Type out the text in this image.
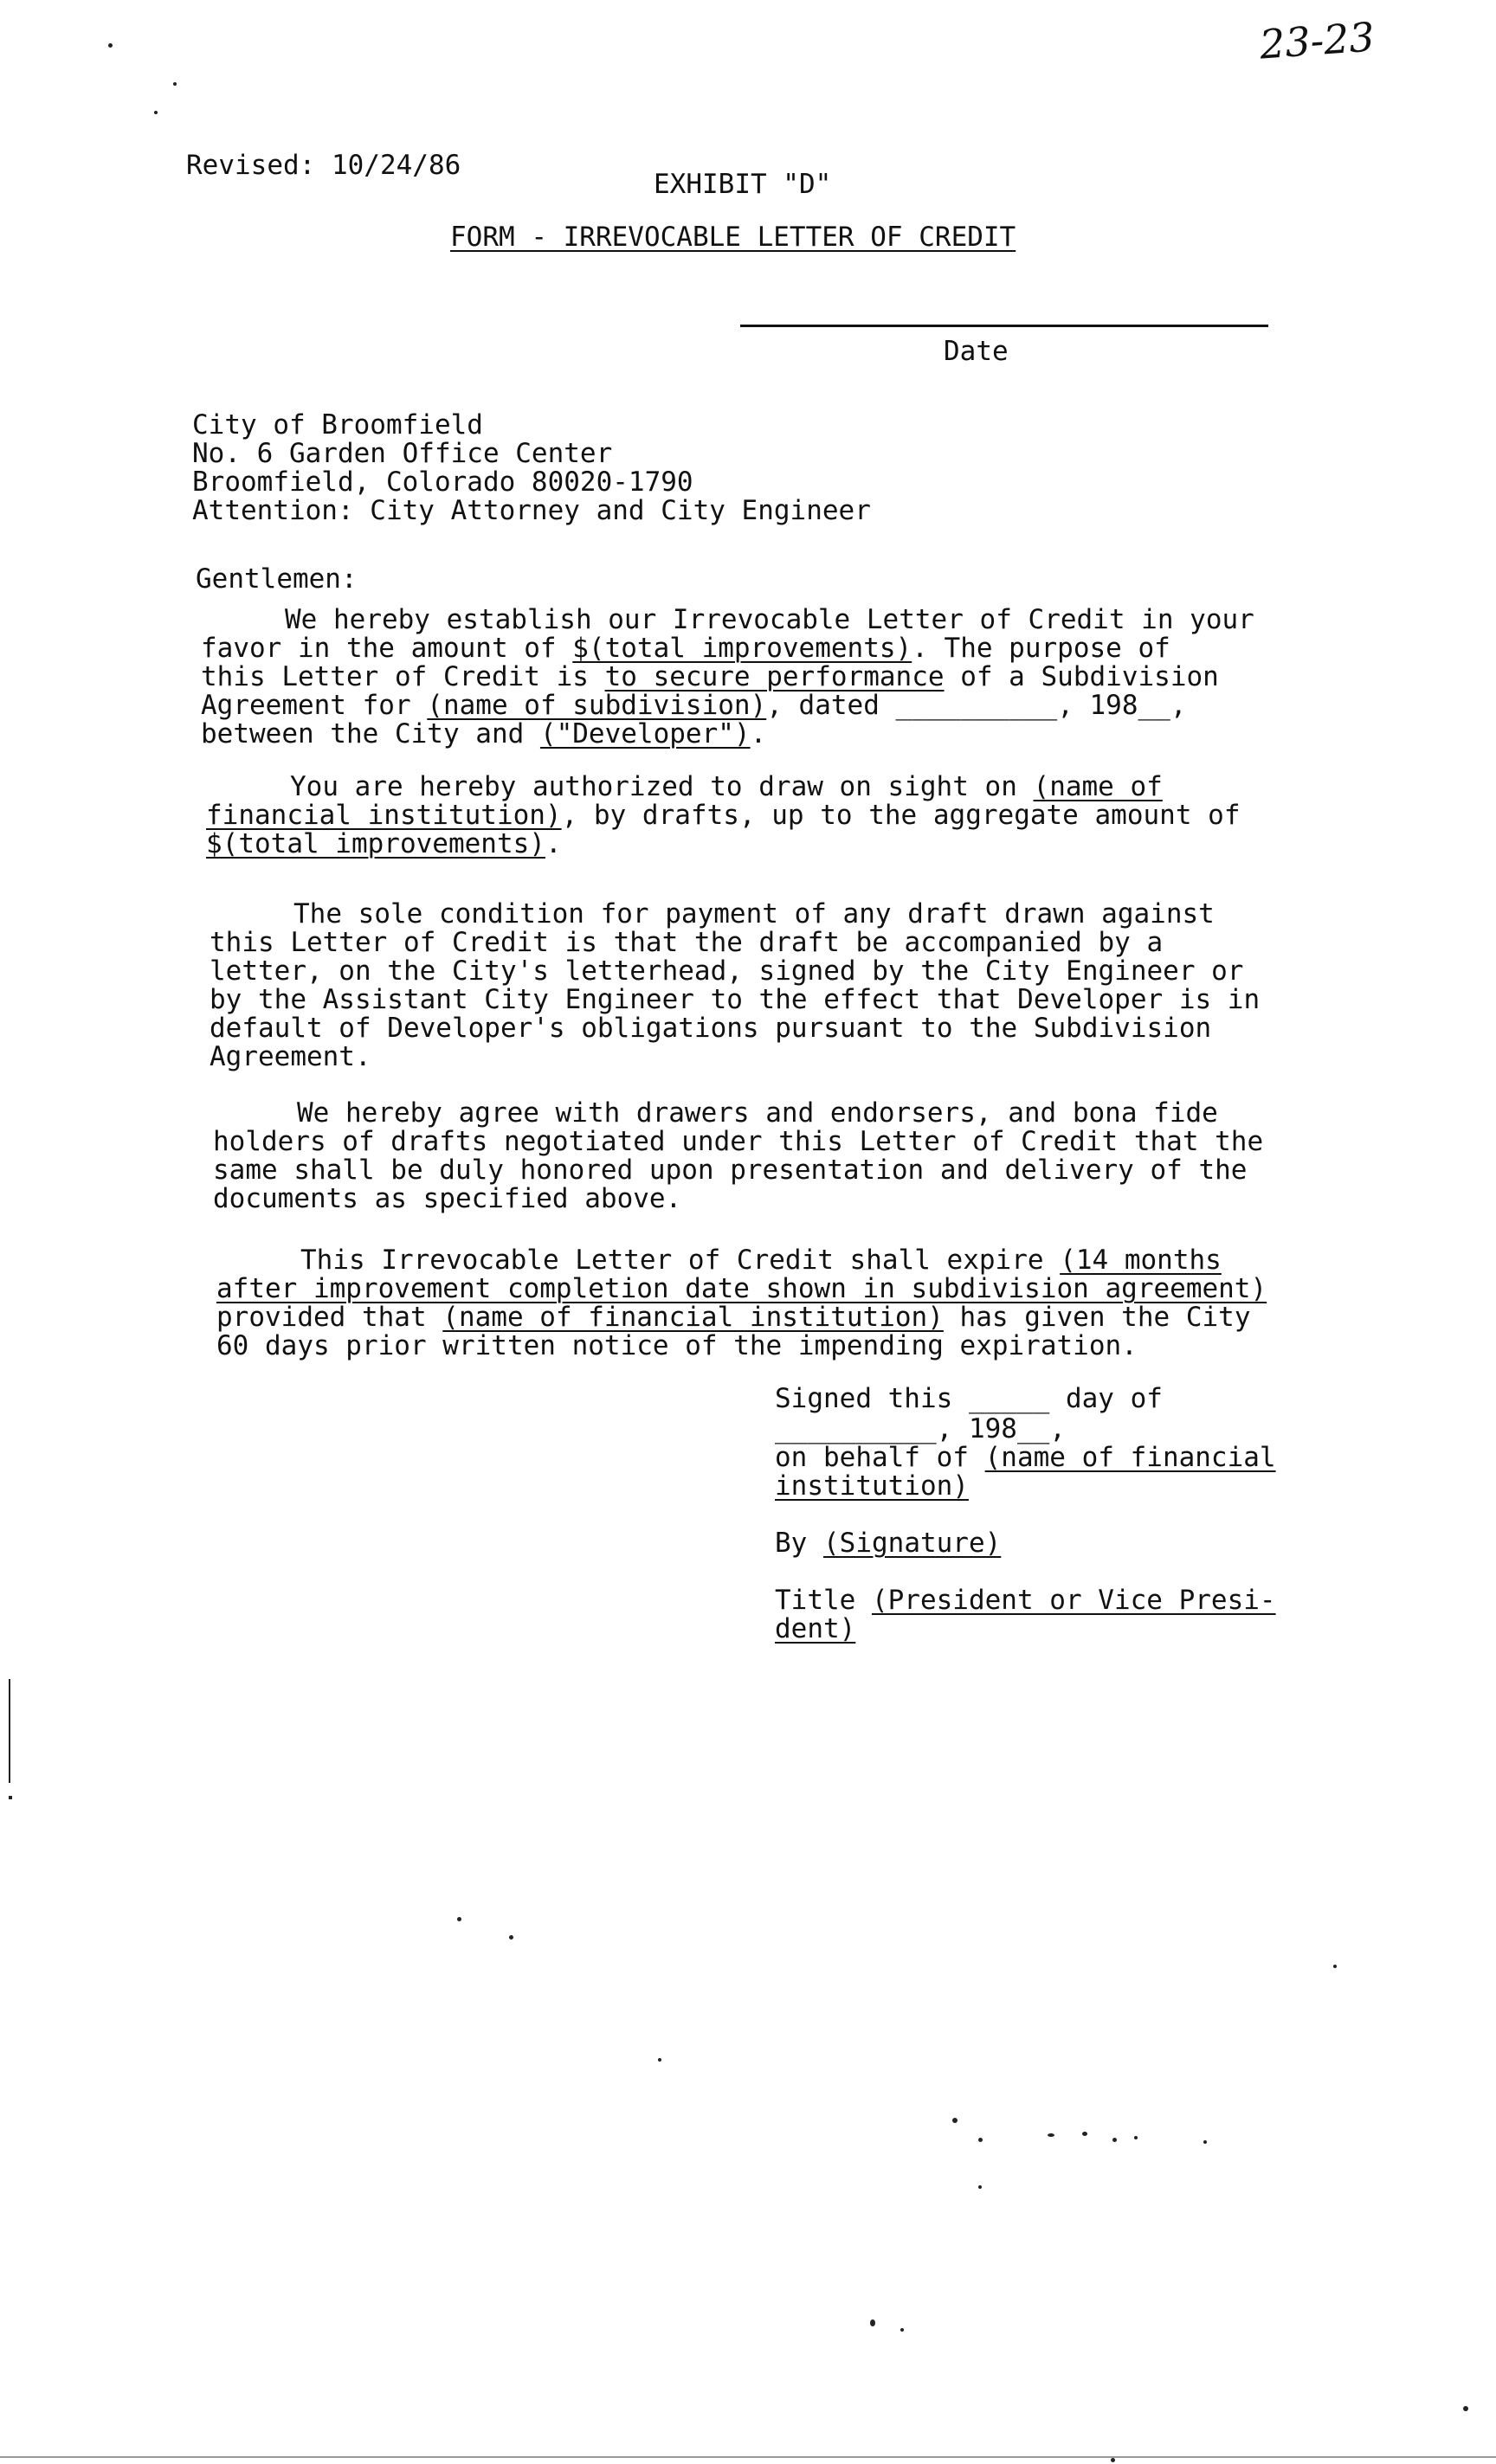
23-23
Revised: 10/24/86
EXHIBIT "D"
FORM - IRREVOCABLE LETTER OF CREDIT
Date
City of Broomfield
No. 6 Garden Office Center
Broomfield, Colorado 80020-1790
Attention: City Attorney and City Engineer
Gentlemen:
We hereby establish our Irrevocable Letter of Credit in your
favor in the amount of $(total improvements). The purpose of
this Letter of Credit is to secure performance of a Subdivision
Agreement for (name of subdivision), dated __________, 198__,
between the City and ("Developer").
You are hereby authorized to draw on sight on (name of
financial institution), by drafts, up to the aggregate amount of
$(total improvements).
The sole condition for payment of any draft drawn against
this Letter of Credit is that the draft be accompanied by a
letter, on the City's letterhead, signed by the City Engineer or
by the Assistant City Engineer to the effect that Developer is in
default of Developer's obligations pursuant to the Subdivision
Agreement.
We hereby agree with drawers and endorsers, and bona fide
holders of drafts negotiated under this Letter of Credit that the
same shall be duly honored upon presentation and delivery of the
documents as specified above.
This Irrevocable Letter of Credit shall expire (14 months
after improvement completion date shown in subdivision agreement)
provided that (name of financial institution) has given the City
60 days prior written notice of the impending expiration.
Signed this _____ day of
__________, 198__,
on behalf of (name of financial
institution)
By (Signature)
Title (President or Vice Presi-
dent)
